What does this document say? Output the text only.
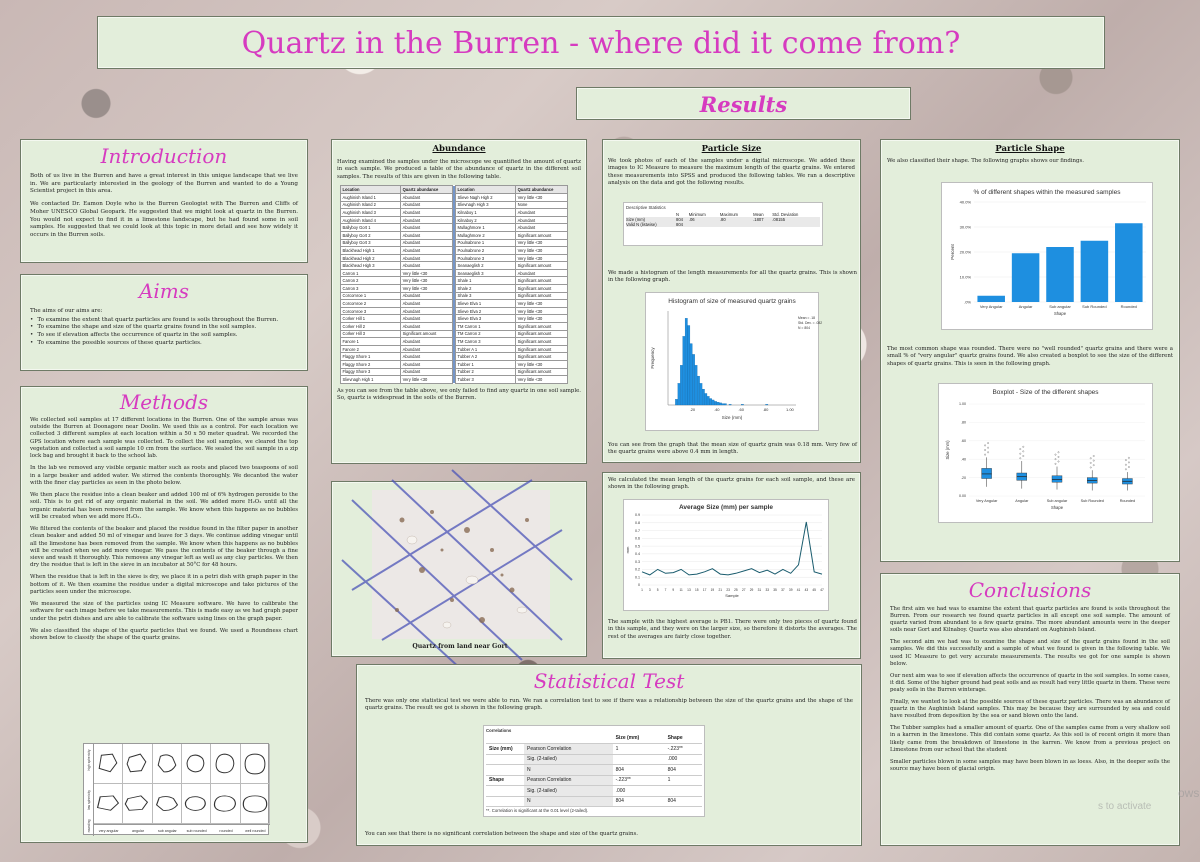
Quartz in the Burren - where did it come from?
Results
Introduction

Both of us live in the Burren and have a great interest in this unique landscape that we live in. We are particularly interested in the geology of the Burren and wanted to do a Young Scientist project in this area.

We contacted Dr. Eamon Doyle who is the Burren Geologist with The Burren and Cliffs of Moher UNESCO Global Geopark. He suggested that we might look at quartz in the Burren. You would not expect to find it in a limestone landscape, but he had found some in soil samples. He suggested that we could look at this topic in more detail and see how widely it occurs in the Burren soils.

Aims

The aims of our aims are:

• To examine the extent that quartz particles are found is soils throughout the Burren.
• To examine the shape and size of the quartz grains found in the soil samples.
• To see if elevation affects the occurrence of quartz in the soil samples.
• To examine the possible sources of these quartz particles.
Methods

We collected soil samples at 17 different locations in the Burren. One of the sample areas was outside the Burren at Doonagore near Doolin. We used this as a control. For each location we collected 3 different samples at each location within a 50 x 50 meter quadrat. We recorded the GPS location where each sample was collected. To collect the soil samples, we cleared the top vegetation and collected a soil sample 10 cm from the surface. We sealed the soil sample in a zip lock bag and brought it back to the school lab.

In the lab we removed any visible organic matter such as roots and placed two teaspoons of soil in a large beaker and added water. We stirred the contents thoroughly. We decanted the water with the finer clay particles as seen in the photo below.

We then place the residue into a clean beaker and added 100 ml of 6% hydrogen peroxide to the soil. This is to get rid of any organic material in the soil. We added more H₂O₂ until all the organic material has been removed from the sample. We know when this happens as no bubbles will be created when we add more H₂O₂.

We filtered the contents of the beaker and placed the residue found in the filter paper in another clean beaker and added 50 ml of vinegar and leave for 3 days. We continue adding vinegar until all the limestone has been removed from the sample. We know when this happens as no bubbles will be created when we add more vinegar. We pass the contents of the beaker through a fine sieve and wash it thoroughly. This removes any vinegar left as well as any clay particles. We then dry the residue that is left in the sieve in an incubator at 50°C for 48 hours.

When the residue that is left in the sieve is dry, we place it in a petri dish with graph paper in the bottom of it. We then examine the residue under a digital microscope and take pictures of the particles seen under the microscope.

We measured the size of the particles using IC Measure software. We have to calibrate the software for each image before we take measurements. This is made easy as we had graph paper under the petri dishes and are able to calibrate the software using lines on the graph paper.

We also classified the shape of the quartz particles that we found. We used a Roundness chart shown below to classify the shape of the quartz grains.

high sphericity
low sphericity
rounding	very angular	angular	sub angular	sub rounded	rounded	well rounded
Abundance
Having examined the samples under the microscope we quantified the amount of quartz in each sample. We produced a table of the abundance of quartz in the different soil samples. The results of this are given in the following table.
Location	Quartz abundance		Location	Quartz abundance
Aughinish Island 1	Abundant		Slieve Nagh High 2	Very little <30
Aughinish Island 2	Abundant		Slievnagh High 3	None
Aughinish Island 3	Abundant		Kilnaboy 1	Abundant
Aughinish Island 4	Abundant		Kilnaboy 2	Abundant
Ballyboy Gort 1	Abundant		Mullaghmore 1	Abundant
Ballyboy Gort 2	Abundant		Mullaghmore 2	Significant amount
Ballyboy Gort 3	Abundant		Poulnabrone 1	Very little <30
Blackhead High 1	Abundant		Poulnabrone 2	Very little <30
Blackhead High 2	Abundant		Poulnabrone 3	Very little <30
Blackhead High 3	Abundant		Seanaeglish 2	Significant amount
Carron 1	Very little <30		Seanaeglish 3	Abundant
Carron 2	Very little <30		Shale 1	Significant amount
Carron 3	Very little <30		Shale 2	Significant amount
Corcomroe 1	Abundant		Shale 3	Significant amount
Corcomroe 2	Abundant		Slieve Elva 1	Very little <30
Corcomroe 3	Abundant		Slieve Elva 2	Very little <30
Corker Hill 1	Abundant		Slieve Elva 3	Very little <30
Corker Hill 2	Abundant		TM Carron 1	Significant amount
Corker Hill 3	Significant amount		TM Carron 2	Significant amount
Fanore 1	Abundant		TM Carron 3	Significant amount
Fanore 2	Abundant		Tubber A 1	Significant amount
Flaggy Shore 1	Abundant		Tubber A 2	Significant amount
Flaggy Shore 2	Abundant		Tubber 1	Very little <30
Flaggy Shore 3	Abundant		Tubber 2	Significant amount
Slievnagh High 1	Very little <30		Tubber 3	Very little <30
As you can see from the table above, we only failed to find any quartz in one soil sample. So, quartz is widespread in the soils of the Burren.
Quartz from land near Gort
Particle Size
We took photos of each of the samples under a digital microscope. We added these images to IC Measure to measure the maximum length of the quartz grains. We entered these measurements into SPSS and produced the following tables. We ran a descriptive analysis on the data and got the following results.
Descriptive Statistics
	N	Minimum	Maximum	Mean	Std. Deviation
Size (mm)	804	.06	.80	.1807	.08155
Valid N (listwise)	804				
We made a histogram of the length measurements for all the quartz grains. This is shown in the following graph.
Histogram of size of measured quartz grains
.20	.40	.60	.80	1.00
Size (mm)
Frequency
Mean = .18
Std. Dev. = .082
N = 804
You can see from the graph that the mean size of quartz grain was 0.18 mm. Very few of the quartz grains were above 0.4 mm in length.
We calculated the mean length of the quartz grains for each soil sample, and these are shown in the following graph.
Average Size (mm) per sample
0
0.1
0.2
0.3
0.4
0.5
0.6
0.7
0.8
0.9
1 3 5 7 9 11 13 15 17 19 21 23 25 27 29 31 33 35 37 39 41 43 45 47
Sample
mm
The sample with the highest average is PB1. There were only two pieces of quartz found in this sample, and they were on the larger size, so therefore it distorts the averages. The rest of the averages are fairly close together.
Particle Shape
We also classified their shape. The following graphs shows our findings.
% of different shapes within the measured samples
.0%
10.0%
20.0%
30.0%
40.0%
Very Angular	Angular	Sub angular	Sub Rounded	Rounded
Shape
Percent
The most common shape was rounded. There were no "well rounded" quartz grains and there were a small % of "very angular" quartz grains found. We also created a boxplot to see the size of the different shapes of quartz grains. This is seen in the following graph.
Boxplot - Size of the different shapes
0.00
.20
.40
.60
.80
1.00
Very Angular	Angular	Sub angular	Sub Rounded	Rounded
Shape
Size (mm)
Statistical Test
There was only one statistical test we were able to run. We ran a correlation test to see if there was a relationship between the size of the quartz grains and the shape of the quartz grains. The result we got is shown in the following graph.
Correlations
		Size (mm)	Shape
Size (mm)	Pearson Correlation	1	-.223**
	Sig. (2-tailed)		.000
	N	804	804
Shape	Pearson Correlation	-.223**	1
	Sig. (2-tailed)	.000	
	N	804	804
**. Correlation is significant at the 0.01 level (2-tailed).
You can see that there is no significant correlation between the shape and size of the quartz grains.
Conclusions

The first aim we had was to examine the extent that quartz particles are found is soils throughout the Burren. From our research we found quartz particles in all except one soil sample. The amount of quartz varied from abundant to a few quartz grains. The more abundant amounts were in the deeper soils near Gort and Kilnaboy. Quartz was also abundant on Aughinish Island.

The second aim we had was to examine the shape and size of the quartz grains found in the soil samples. We did this successfully and a sample of what we found is given in the following table. We used IC Measure to get very accurate measurements. The results we got for one sample is shown below.

Our next aim was to see if elevation affects the occurrence of quartz in the soil samples. In some cases, it did. Some of the higher ground had peat soils and as result had very little quartz in them. These were peaty soils in the Burren winterage.

Finally, we wanted to look at the possible sources of these quartz particles. There was an abundance of quartz in the Aughinish Island samples. This may be because they are surrounded by sea and could have resulted from deposition by the sea or sand blown onto the land.

The Tubber samples had a smaller amount of quartz. One of the samples came from a very shallow soil in a karren in the limestone. This did contain some quartz. As this soil is of recent origin it more than likely came from the breakdown of limestone in the karren. We know from a previous project on Limestone from our school that the student

Smaller particles blown in some samples may have been blown in as loess. Also, in the deeper soils the source may have been of glacial origin.

ows
s to activate
